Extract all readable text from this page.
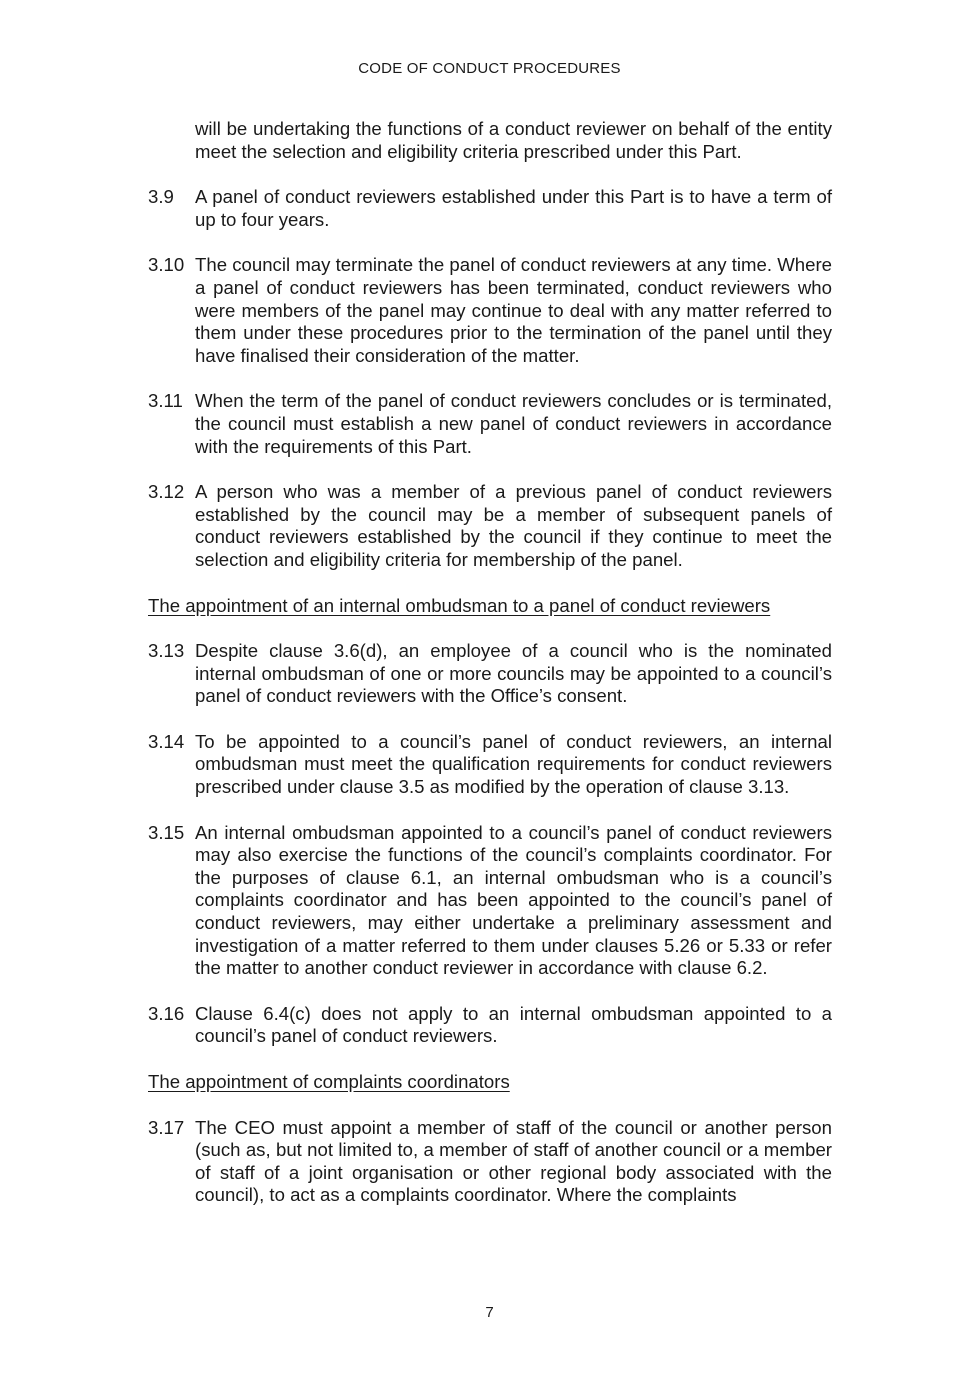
CODE OF CONDUCT PROCEDURES
will be undertaking the functions of a conduct reviewer on behalf of the entity meet the selection and eligibility criteria prescribed under this Part.
3.9	A panel of conduct reviewers established under this Part is to have a term of up to four years.
3.10 The council may terminate the panel of conduct reviewers at any time. Where a panel of conduct reviewers has been terminated, conduct reviewers who were members of the panel may continue to deal with any matter referred to them under these procedures prior to the termination of the panel until they have finalised their consideration of the matter.
3.11 When the term of the panel of conduct reviewers concludes or is terminated, the council must establish a new panel of conduct reviewers in accordance with the requirements of this Part.
3.12 A person who was a member of a previous panel of conduct reviewers established by the council may be a member of subsequent panels of conduct reviewers established by the council if they continue to meet the selection and eligibility criteria for membership of the panel.
The appointment of an internal ombudsman to a panel of conduct reviewers
3.13 Despite clause 3.6(d), an employee of a council who is the nominated internal ombudsman of one or more councils may be appointed to a council’s panel of conduct reviewers with the Office’s consent.
3.14 To be appointed to a council’s panel of conduct reviewers, an internal ombudsman must meet the qualification requirements for conduct reviewers prescribed under clause 3.5 as modified by the operation of clause 3.13.
3.15 An internal ombudsman appointed to a council’s panel of conduct reviewers may also exercise the functions of the council’s complaints coordinator. For the purposes of clause 6.1, an internal ombudsman who is a council’s complaints coordinator and has been appointed to the council’s panel of conduct reviewers, may either undertake a preliminary assessment and investigation of a matter referred to them under clauses 5.26 or 5.33 or refer the matter to another conduct reviewer in accordance with clause 6.2.
3.16 Clause 6.4(c) does not apply to an internal ombudsman appointed to a council’s panel of conduct reviewers.
The appointment of complaints coordinators
3.17 The CEO must appoint a member of staff of the council or another person (such as, but not limited to, a member of staff of another council or a member of staff of a joint organisation or other regional body associated with the council), to act as a complaints coordinator. Where the complaints
7
